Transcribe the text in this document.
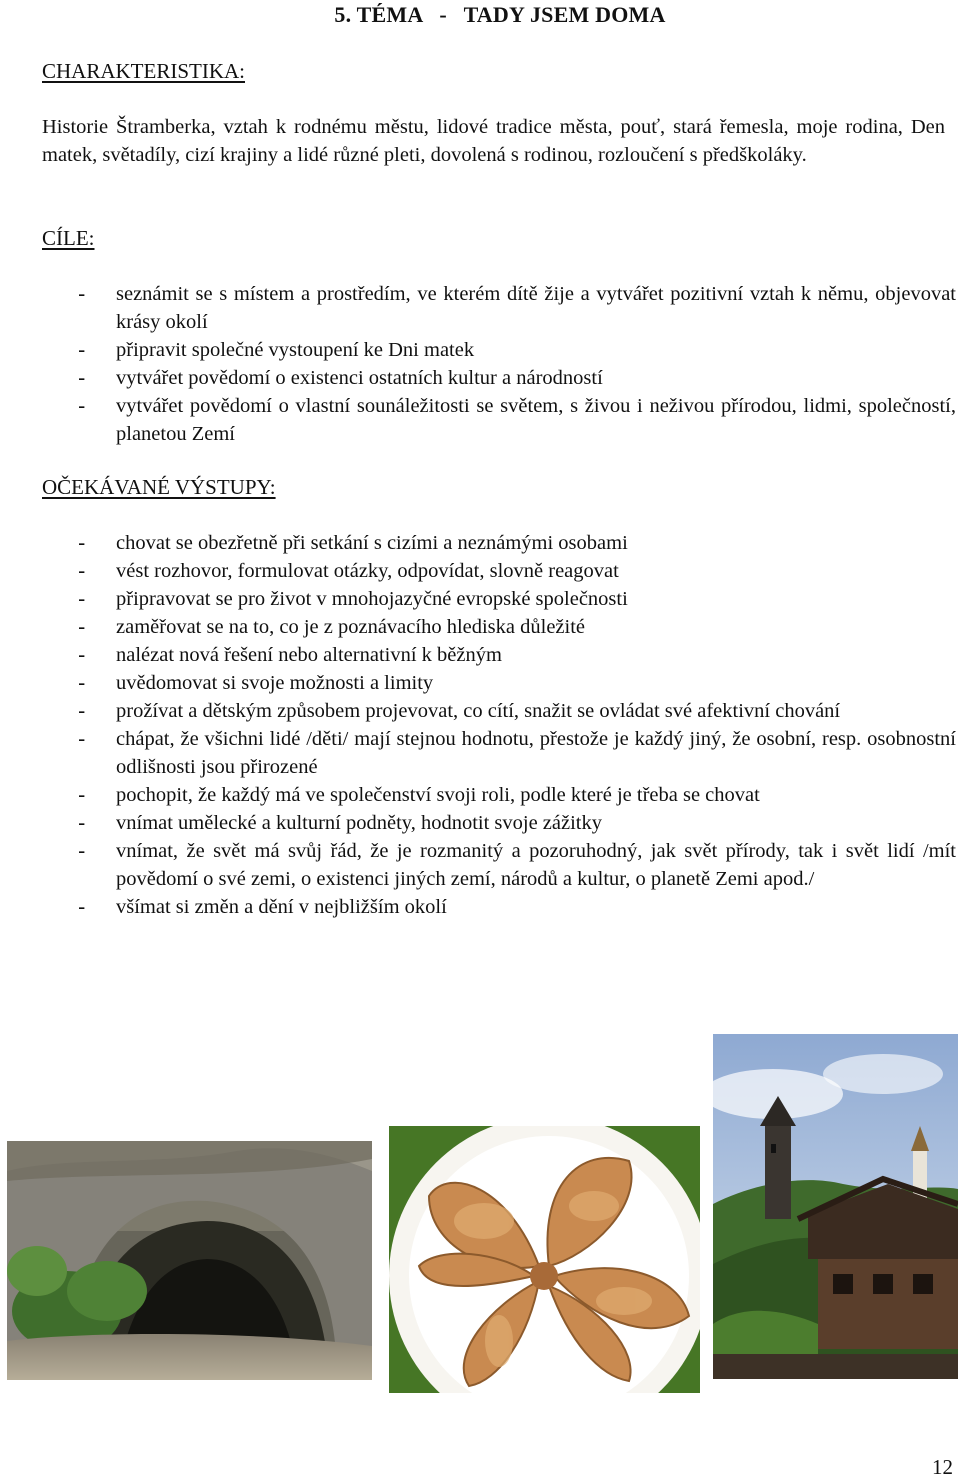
5. TÉMA - TADY JSEM DOMA
CHARAKTERISTIKA:
Historie Štramberka, vztah k rodnému městu, lidové tradice města, pouť, stará řemesla, moje rodina, Den matek, světadíly, cizí krajiny a lidé různé pleti, dovolená s rodinou, rozloučení s předškoláky.
CÍLE:
- seznámit se s místem a prostředím, ve kterém dítě žije a vytvářet pozitivní vztah k němu, objevovat krásy okolí
- připravit společné vystoupení ke Dni matek
- vytvářet povědomí o existenci ostatních kultur a národností
- vytvářet povědomí o vlastní sounáležitosti se světem, s živou i neživou přírodou, lidmi, společností, planetou Zemí
OČEKÁVANÉ VÝSTUPY:
- chovat se obezřetně při setkání s cizími a neznámými osobami
- vést rozhovor, formulovat otázky, odpovídat, slovně reagovat
- připravovat se pro život v mnohojazyčné evropské společnosti
- zaměřovat se na to, co je z poznávacího hlediska důležité
- nalézat nová řešení nebo alternativní k běžným
- uvědomovat si svoje možnosti a limity
- prožívat a dětským způsobem projevovat, co cítí, snažit se ovládat své afektivní chování
- chápat, že všichni lidé /děti/ mají stejnou hodnotu, přestože je každý jiný, že osobní, resp. osobnostní odlišnosti jsou přirozené
- pochopit, že každý má ve společenství svoji roli, podle které je třeba se chovat
- vnímat umělecké a kulturní podněty, hodnotit svoje zážitky
- vnímat, že svět má svůj řád, že je rozmanitý a pozoruhodný, jak svět přírody, tak i svět lidí /mít povědomí o své zemi, o existenci jiných zemí, národů a kultur, o planetě Zemi apod./
- všímat si změn a dění v nejbližším okolí
12
